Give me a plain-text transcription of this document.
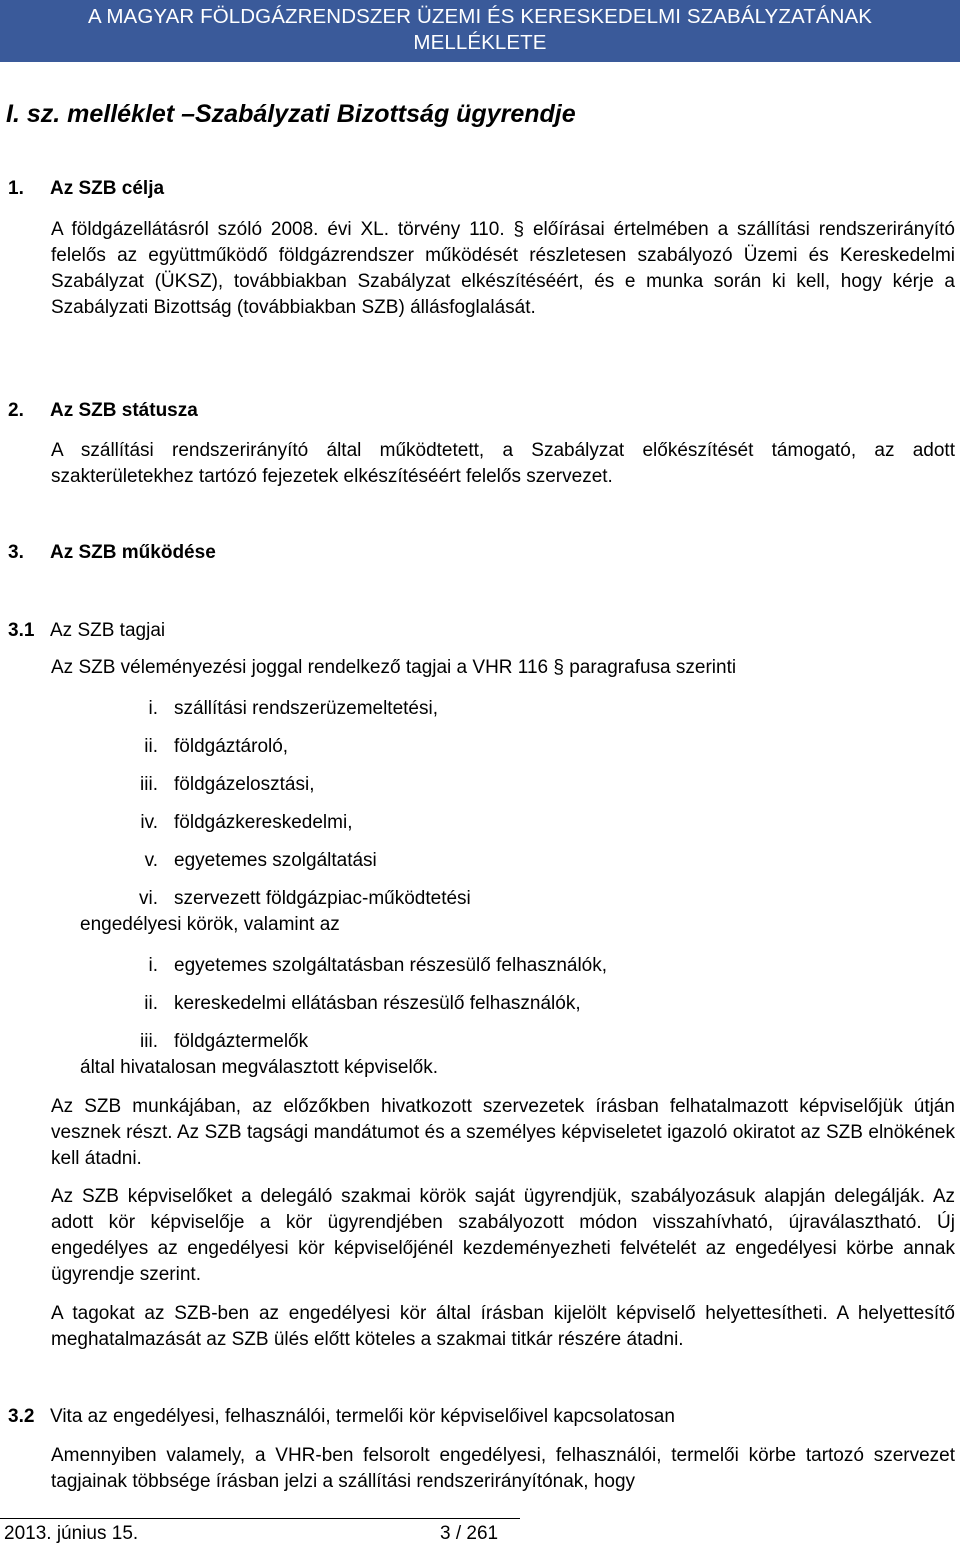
A MAGYAR FÖLDGÁZRENDSZER ÜZEMI ÉS KERESKEDELMI SZABÁLYZATÁNAK
MELLÉKLETE
I. sz. melléklet –Szabályzati Bizottság ügyrendje
1. Az SZB célja

A földgázellátásról szóló 2008. évi XL. törvény 110. § előírásai értelmében a szállítási rendszerirányító felelős az együttműködő földgázrendszer működését részletesen szabályozó Üzemi és Kereskedelmi Szabályzat (ÜKSZ), továbbiakban Szabályzat elkészítéséért, és e munka során ki kell, hogy kérje a Szabályzati Bizottság (továbbiakban SZB) állásfoglalását.

2. Az SZB státusza

A szállítási rendszerirányító által működtetett, a Szabályzat előkészítését támogató, az adott szakterületekhez tartózó fejezetek elkészítéséért felelős szervezet.

3. Az SZB működése
3.1 Az SZB tagjai
Az SZB véleményezési joggal rendelkező tagjai a VHR 116 § paragrafusa szerinti
i. szállítási rendszerüzemeltetési,
ii. földgáztároló,
iii. földgázelosztási,
iv. földgázkereskedelmi,
v. egyetemes szolgáltatási
vi. szervezett földgázpiac-működtetési
engedélyesi körök, valamint az
i. egyetemes szolgáltatásban részesülő felhasználók,
ii. kereskedelmi ellátásban részesülő felhasználók,
iii. földgáztermelők
által hivatalosan megválasztott képviselők.

Az SZB munkájában, az előzőkben hivatkozott szervezetek írásban felhatalmazott képviselőjük útján vesznek részt. Az SZB tagsági mandátumot és a személyes képviseletet igazoló okiratot az SZB elnökének kell átadni.

Az SZB képviselőket a delegáló szakmai körök saját ügyrendjük, szabályozásuk alapján delegálják. Az adott kör képviselője a kör ügyrendjében szabályozott módon visszahívható, újraválasztható. Új engedélyes az engedélyesi kör képviselőjénél kezdeményezheti felvételét az engedélyesi körbe annak ügyrendje szerint.

A tagokat az SZB-ben az engedélyesi kör által írásban kijelölt képviselő helyettesítheti. A helyettesítő meghatalmazását az SZB ülés előtt köteles a szakmai titkár részére átadni.

3.2 Vita az engedélyesi, felhasználói, termelői kör képviselőivel kapcsolatosan

Amennyiben valamely, a VHR-ben felsorolt engedélyesi, felhasználói, termelői körbe tartozó szervezet tagjainak többsége írásban jelzi a szállítási rendszerirányítónak, hogy

2013. június 15.	3 / 261
